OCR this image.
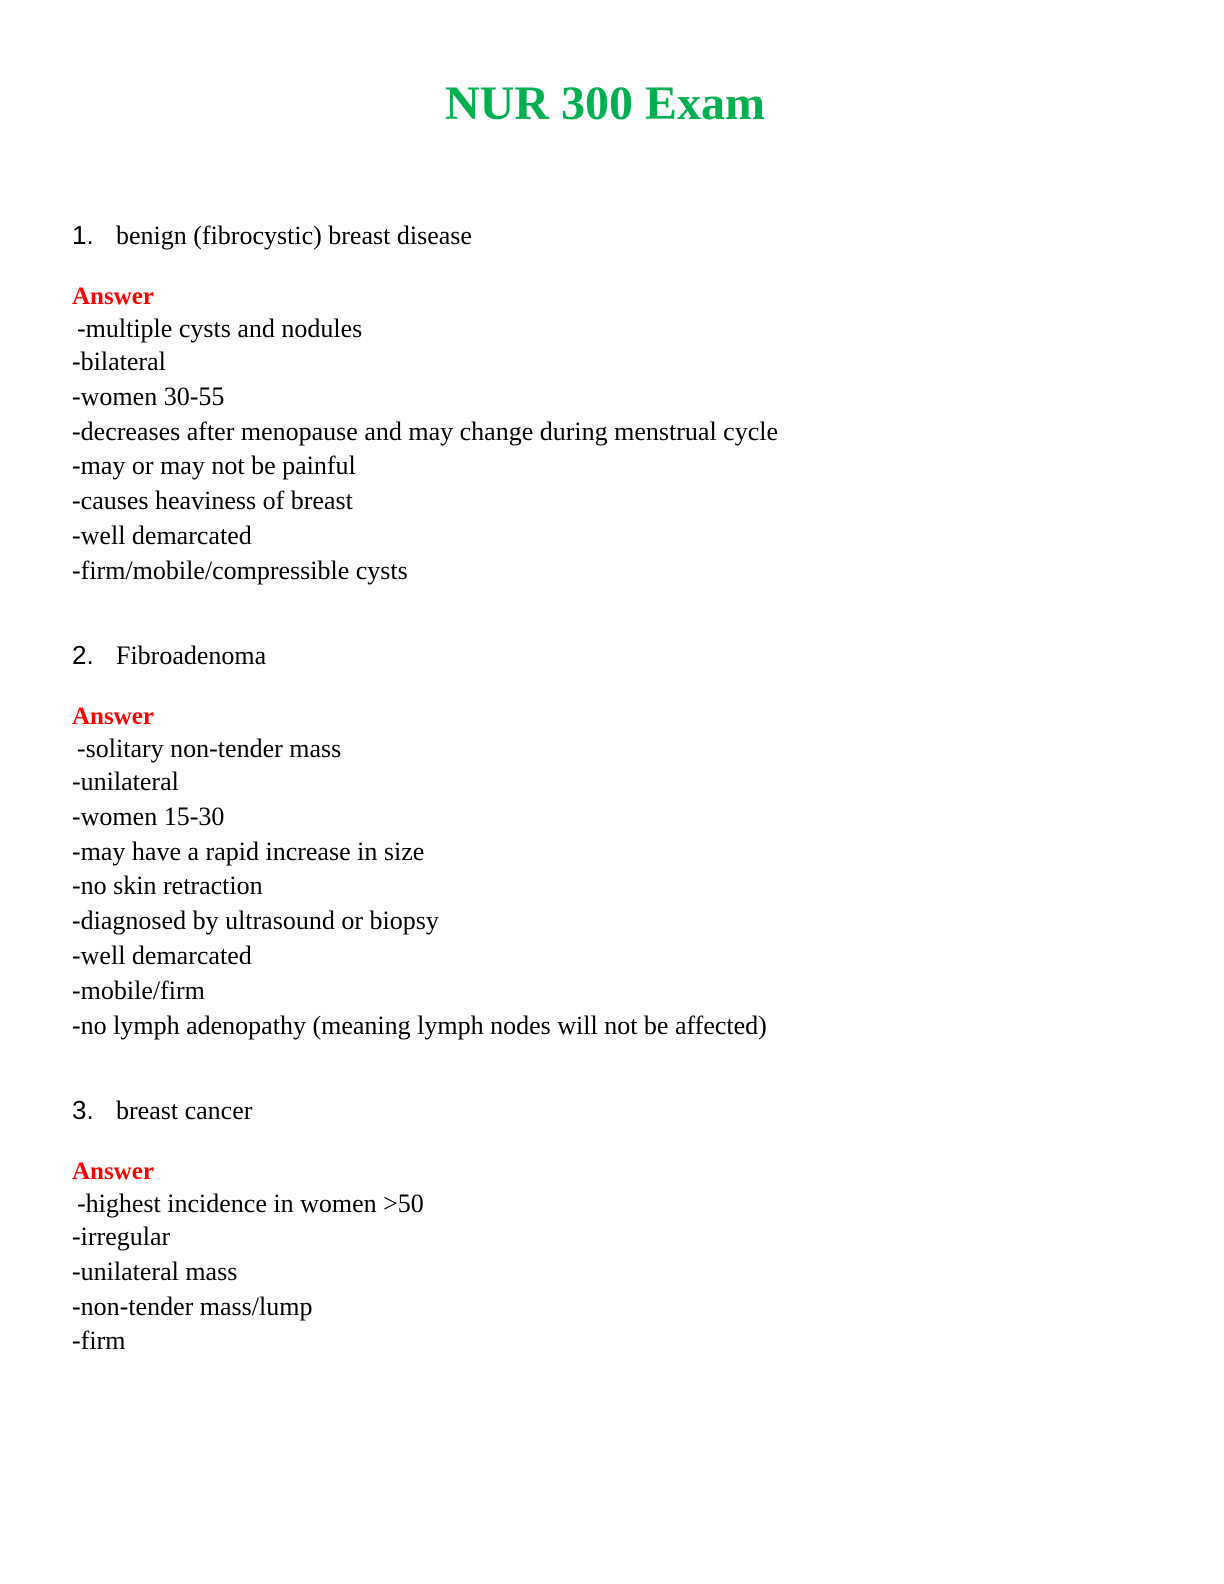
NUR 300 Exam
1. benign (fibrocystic) breast disease
Answer
-multiple cysts and nodules
-bilateral
-women 30-55
-decreases after menopause and may change during menstrual cycle
-may or may not be painful
-causes heaviness of breast
-well demarcated
-firm/mobile/compressible cysts
2. Fibroadenoma
Answer
-solitary non-tender mass
-unilateral
-women 15-30
-may have a rapid increase in size
-no skin retraction
-diagnosed by ultrasound or biopsy
-well demarcated
-mobile/firm
-no lymph adenopathy (meaning lymph nodes will not be affected)
3. breast cancer
Answer
-highest incidence in women >50
-irregular
-unilateral mass
-non-tender mass/lump
-firm
